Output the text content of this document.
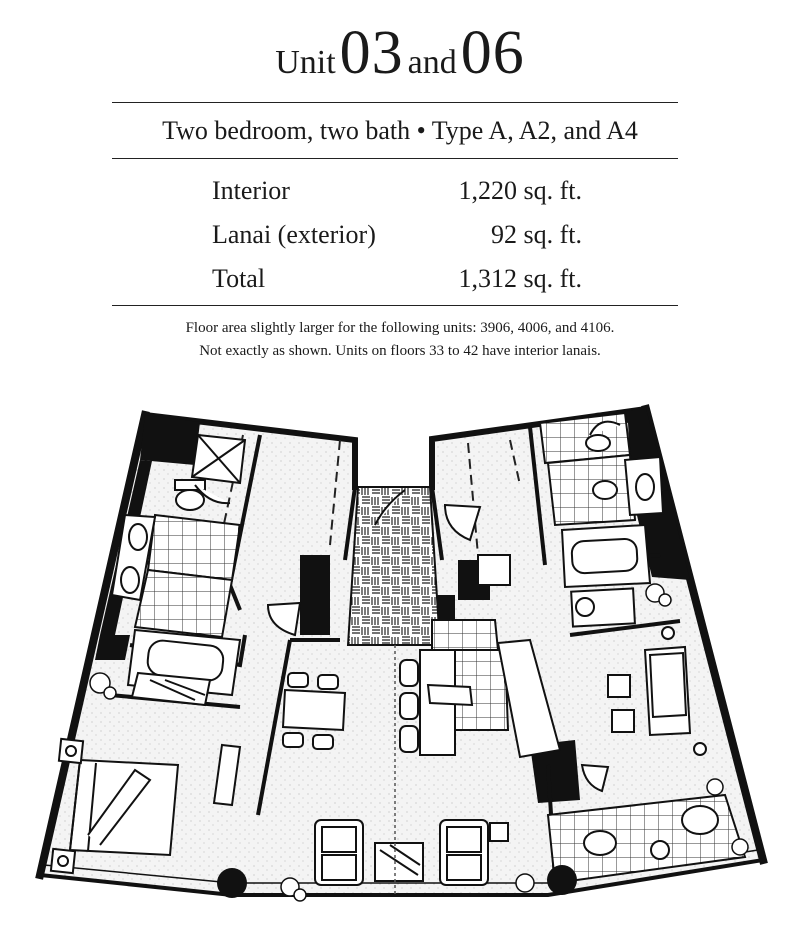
Unit 03 and 06
Two bedroom, two bath • Type A, A2, and A4
Interior	1,220 sq. ft.
Lanai (exterior)	92 sq. ft.
Total	1,312 sq. ft.
Floor area slightly larger for the following units: 3906, 4006, and 4106.
Not exactly as shown. Units on floors 33 to 42 have interior lanais.
